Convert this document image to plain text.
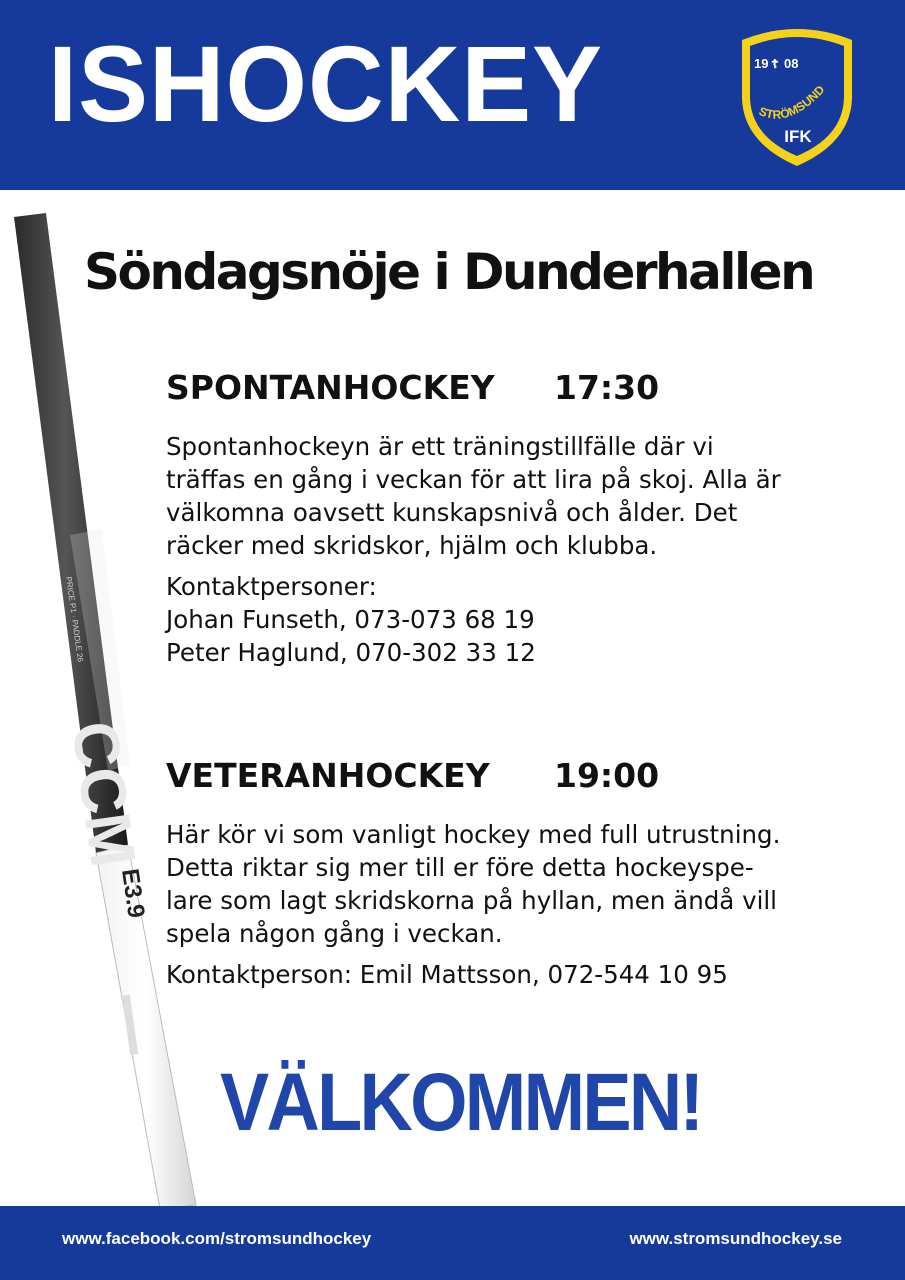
ISHOCKEY	19 ☦ 08
STRÖMSUND
IFK
CCM
PRICE P1 · PADDLE 26
E3.9
Söndagsnöje i Dunderhallen
SPONTANHOCKEY 17:30
Spontanhockeyn är ett träningstillfälle där vi
träffas en gång i veckan för att lira på skoj. Alla är
välkomna oavsett kunskapsnivå och ålder. Det
räcker med skridskor, hjälm och klubba.
Kontaktpersoner:
Johan Funseth, 073-073 68 19
Peter Haglund, 070-302 33 12
VETERANHOCKEY 19:00
Här kör vi som vanligt hockey med full utrustning.
Detta riktar sig mer till er före detta hockeyspe-
lare som lagt skridskorna på hyllan, men ändå vill
spela någon gång i veckan.
Kontaktperson: Emil Mattsson, 072-544 10 95
VÄLKOMMEN!
www.facebook.com/stromsundhockey	www.stromsundhockey.se
